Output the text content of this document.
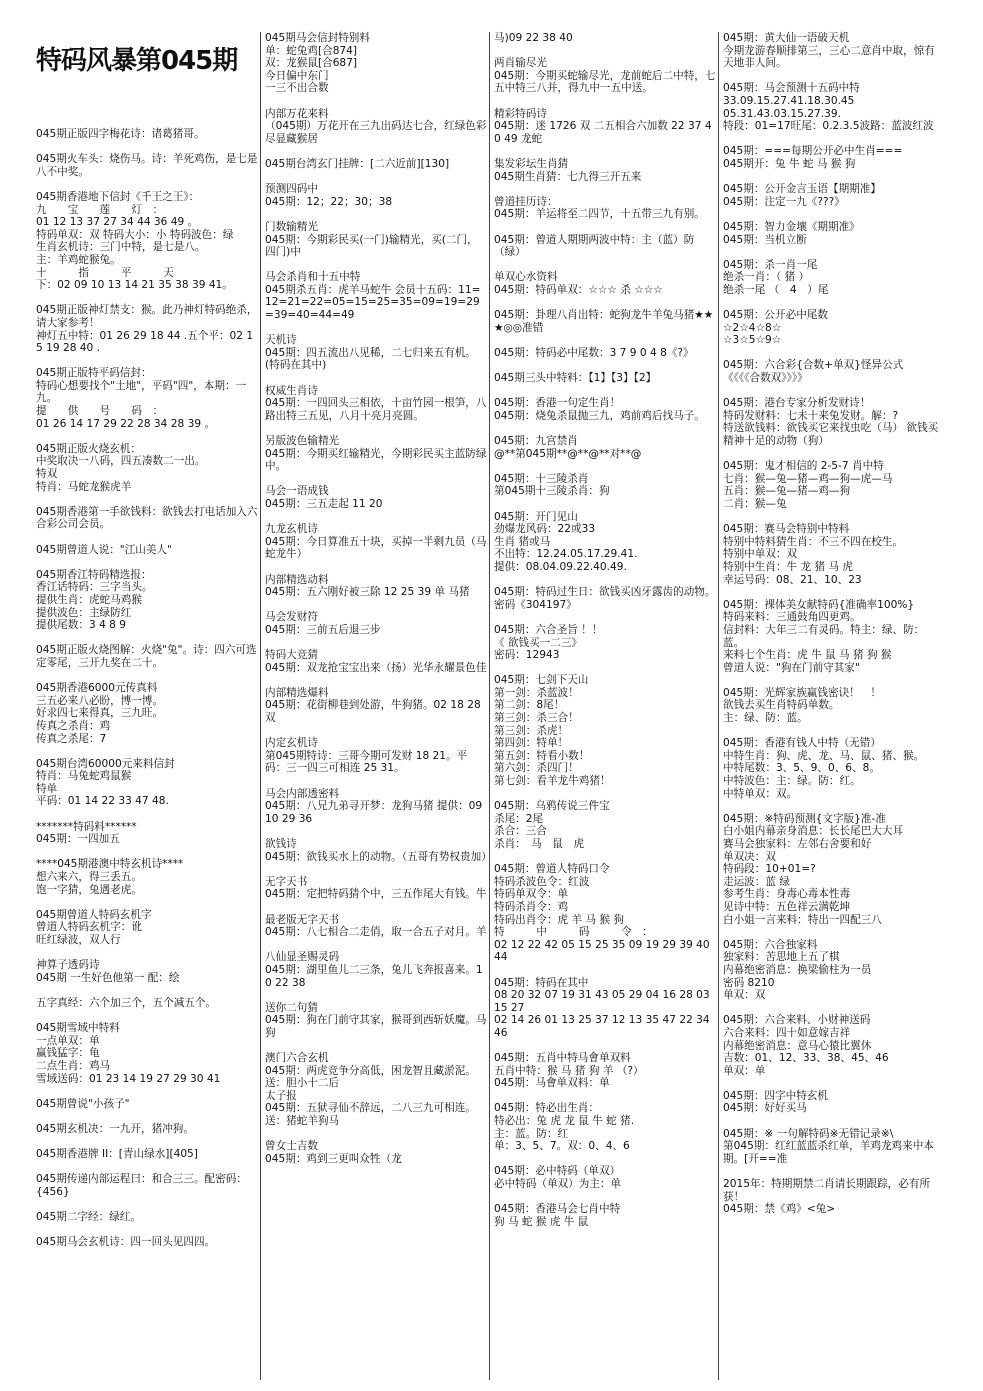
特码风暴第045期
045期正版四字梅花诗：诸葛猪哥。
045期火车头：烧伤马。诗：羊死鸡伤，是七是八不中奖。
045期香港地下信封《千王之王》：
九　　宝　　莲　　灯　：
01 12 13 37 27 34 44 36 49 。
特码单双：双 特码大小：小 特码波色：绿
生肖玄机诗：三门中特，是七是八。
主：羊鸡蛇猴兔。
十　　　指　　　平　　　天
下：02 09 10 13 14 21 35 38 39 41。
045期正版神灯禁支：猴。此乃神灯特码绝杀，请大家参考！
神灯五中特：01 26 29 18 44 .五个平：02 15 19 28 40 .
045期正版特平码信封：
特码心想要找个"土地"，平码"四"，本期：一九。
提　　供　　号　　码　：
01 26 14 17 29 22 28 34 28 39 。
045期正版火烧玄机：
中奖取决一八码，四五凑数二一出。
特双
特肖：马蛇龙猴虎羊
045期香港第一手欲钱料：欲钱去打电话加入六合彩公司会员。
045期曾道人说："江山美人"
045期香江特码精选报：
香江话特码：三字当头。
提供生肖：虎蛇马鸡猴
提供波色：主绿防红
提供尾数：3 4 8 9
045期正版火烧图解：火烧"兔"。诗：四六可选定零尾，三开九奖在二十。
045期香港6000元传真料
三五必来八必盼，博一博。
好求四七来得真，三九旺。
传真之杀肖：鸡
传真之杀尾：7
045期台湾60000元来料信封
特肖：马兔蛇鸡鼠猴
特单
平码：01 14 22 33 47 48.
*******特码料******
045期：一四加五
****045期港澳中特玄机诗****
想六来六，得三丢五。
饱一字猜，兔遇老虎。
045期曾道人特码玄机字
曾道人特码玄机字：讹
旺红绿波，双人行
神算子透码诗
045期 一生好色他第一 配：绘
五字真经：六个加三个，五个减五个。
045期雪域中特料
一点单双：单
赢钱猛字：龟
二点生肖：鸡马
雪域送码：01 23 14 19 27 29 30 41
045期曾说"小孩子"
045期玄机决：一九开，猪冲狗。
045期香港牌 II：[青山绿水][405]
045期传递内部运程曰：和合三三。配密码：{456}
045期二字经：绿红。
045期马会玄机诗：四一回头见四四。
045期马会信封特别料
单：蛇兔鸡[合874]
双：龙猴鼠[合687]
今日偏中东门
一三不出合数
内部万花来料
（045期）万花开在三九出码达七合，红绿色彩尽显藏猴居
045期台湾玄门挂牌：[二六近前][130]
预测四码中
045期：12；22；30；38
门数输精光
045期：今期彩民买(一门)输精光，买(二门，四门)中
马会杀肖和十五中特
045期杀五肖：虎羊马蛇牛 会员十五码：11=12=21=22=05=15=25=35=09=19=29=39=40=44=49
天机诗
045期：四五流出八见稀，二七归来五有机。(特码在其中)
权威生肖诗
045期：一四回头三相依，十亩竹园一根笋，八路出特三五见，八月十亮月亮圆。
另版波色输精光
045期：今期买红输精光，今期彩民买主蓝防绿中。
马会一语成钱
045期：三五走起 11 20
九龙玄机诗
045期：今日算准五十块，买掉一半剩九员（马蛇龙牛）
内部精选动料
045期：五六刚好被三除 12 25 39 单 马猪
马会发财符
045期：三前五后退三步
特码大竞猜
045期：双龙抢宝宝出来（扬）光华永耀景色佳
内部精选爆料
045期：花街柳巷到处游，牛狗猪。02 18 28 双
内定玄机诗
第045期特诗：三哥今期可发财 18 21。平码：三一四三可相连 25 31。
马会内部透密料
045期：八兄九弟寻开梦：龙狗马猪 提供：09 10 29 36
欲钱诗
045期：欲钱买水上的动物。（五哥有势权贵加）
无字天书
045期：定把特码猜个中，三五作尾大有钱。牛
最老版无字天书
045期：八七相合二走俏，取一合五子对月。羊
八仙显圣赐灵码
045期：湖里鱼儿二三条，兔儿飞奔报喜来。10 22 38
送你二句猜
045期：狗在门前守其家，猴哥到西斩妖魔。马狗
澳门六合玄机
045期：两虎竞争分高低，困龙智且藏淤泥。送：胆小十二后
太子报
045期：五狱寻仙不辞远，二八三九可相连。送：猪蛇羊狗马
曾女士吉数
045期：鸡到三更叫众牲（龙
马)09 22 38 40
两肖输尽光
045期：今期买蛇输尽光，龙前蛇后二中特，七五中特三八并，得九中一五中送。
精彩特码诗
045期：迷 1726 双 二五相合六加数 22 37 40 49 龙蛇
集发彩坛生肖猜
045期生肖猜：七九得三开五来
曾道挂历诗：
045期：羊运将至二四节，十五带三九有别。
045期：曾道人期期两波中特：主（蓝）防（绿）
单双心水资料
045期：特码单双：☆☆☆ 杀 ☆☆☆
045期：卦理八肖出特：蛇狗龙牛羊兔马猪★★★◎◎准错
045期：特码必中尾数：3 7 9 0 4 8《?》
045期三头中特料：【1】【3】【2】
045期：香港一句定生肖！
045期：烧兔杀鼠抛三九，鸡前鸡后找马子。
045期：九宫禁肖
@**第045期**@**@**对**@
045期：十三陵杀肖
第045期十三陵杀肖：狗
045期：开门见山
劲爆龙风码：22或33
生肖 猪或马
不出特：12.24.05.17.29.41.
提供：08.04.09.22.40.49.
045期：特码过生日：欲钱买凶牙露齿的动物。
密码《304197》
045期：六合圣旨 ！！
《 欲钱买一二三》
密码：12943
045期：七剑下天山
第一剑：杀蓝波！
第二剑：8尾！
第三剑：杀三合！
第三剑：杀虎！
第四剑：特单！
第五剑：特看小数！
第六剑：杀四门！
第七剑：看羊龙牛鸡猪！
045期：乌鸦传说三件宝
杀尾：2尾
杀合：三合
杀肖：　马　鼠　虎
045期：曾道人特码口令
特码杀波色令：红波
特码单双令：单
特码杀肖令：鸡
特码出肖令：虎 羊 马 猴 狗
特　　　中　　　码　　　令　：
02 12 22 42 05 15 25 35 09 19 29 39 40 44
045期：特码在其中
08 20 32 07 19 31 43 05 29 04 16 28 03 15 27
02 14 26 01 13 25 37 12 13 35 47 22 34 46
045期：五肖中特马會单双料
五肖中特：猴 马 猪 狗 羊 （?）
045期：马會单双料：单
045期：特必出生肖：
特必出：兔 虎 龙 鼠 牛 蛇 猪.
主：蓝。防：红
单：3、5、7。双：0、4、6
045期：必中特码（单双）
必中特码（单双）为主：单
045期：香港马会七肖中特
狗 马 蛇 猴 虎 牛 鼠
045期：黄大仙一语破天机
今期龙游春顺排第三，三心二意肖中取，惊有天地非人间。
045期：马会预测十五码中特
33.09.15.27.41.18.30.45
05.31.43.03.15.27.39.
特段：01=17旺尾：0.2.3.5波路：蓝波红波
045期：===每期公开必中生肖===
045期开：兔 牛 蛇 马 猴 狗
045期：公开金言玉语【期期准】
045期：注定一九《???》
045期：智力金壤《期期准》
045期：当机立断
045期：杀一肖一尾
绝杀一肖：（ 猪 ）
绝杀一尾 （　4　）尾
045期：公开必中尾数
☆2☆4☆8☆
☆3☆5☆9☆
045期：六合彩{合数+单双}怪异公式
《《《《合数双》》》》
045期：港台专家分析发财诗！
特码发财料：七未十来兔发财。解：?
特送欲钱料：欲钱买它来找虫吃（马） 欲钱买精神十足的动物（狗）
045期：鬼才相信的 2-5-7 肖中特
七肖：猴—兔—猪—鸡—狗—虎—马
五肖：猴—兔—猪—鸡—狗
二肖：猴—兔
045期：赛马会特别中特料
特别中特料猜生肖：不三不四在校生。
特别中单双：双
特别中生肖：牛 龙 猪 马 虎
幸运号码：08、21、10、23
045期：裸体美女献特码{准确率100%}
特码来料：三通鼓角四更鸡。
信封料：大年三二有灵码。特主：绿、防：蓝。
来料七个生肖：虎 牛 鼠 马 猪 狗 猴
曾道人说："狗在门前守其家"
045期：光辉家族赢钱密诀！　！
欲钱去买生肖特码单数。
主：绿、防：蓝。
045期：香港有钱人中特（无错）
中特生肖：狗、虎、龙、马、鼠、猪、猴。
中特尾数：3、5、9、0、6、8。
中特波色：主：绿。防：红。
中特单双：双。
045期：※特码预测{文字版}准-准
白小姐内幕亲身消息：长长尾巴大大耳
赛马会独家料：左邻右舍要和好
单双决：双
特码段：10+01=?
走运波：蓝 绿
参考生肖：身毒心毒本性毒
见诗中特：五色祥云满乾坤
白小姐一言来料：特出一四配三八
045期：六合独家料
独家料：苦思地上五了棋
内幕绝密消息：换梁偷柱为一员
密码 8210
单双：双
045期：六合来料、小财神送码
六合来料：四十如意嫁吉祥
内幕绝密消息：意马心猿比翼休
吉数：01、12、33、38、45、46
单双：单
045期：四字中特玄机
045期：好好买马
045期：※ 一句解特码※无错记录※\
第045期：红红蓝蓝杀红单，羊鸡龙鸡来中本期。[开==准
2015年：特期期禁二肖请长期跟踪，必有所获！
045期：禁《鸡》<兔>
